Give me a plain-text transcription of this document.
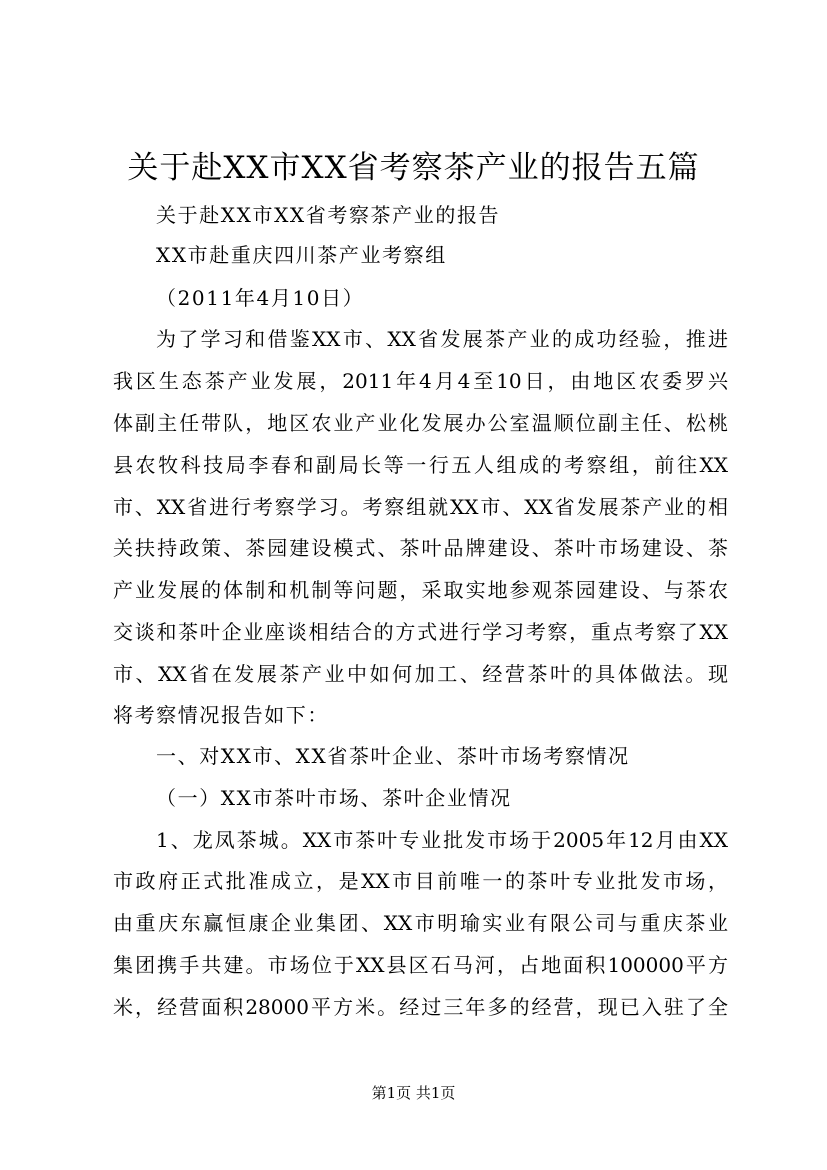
关于赴XX市XX省考察茶产业的报告五篇
关于赴XX市XX省考察茶产业的报告
XX市赴重庆四川茶产业考察组
（2011年4月10日）
为了学习和借鉴XX市、XX省发展茶产业的成功经验，推进
我区生态茶产业发展，2011年4月4至10日，由地区农委罗兴
体副主任带队，地区农业产业化发展办公室温顺位副主任、松桃
县农牧科技局李春和副局长等一行五人组成的考察组，前往XX
市、XX省进行考察学习。考察组就XX市、XX省发展茶产业的相
关扶持政策、茶园建设模式、茶叶品牌建设、茶叶市场建设、茶
产业发展的体制和机制等问题，采取实地参观茶园建设、与茶农
交谈和茶叶企业座谈相结合的方式进行学习考察，重点考察了XX
市、XX省在发展茶产业中如何加工、经营茶叶的具体做法。现
将考察情况报告如下：
一、对XX市、XX省茶叶企业、茶叶市场考察情况
（一）XX市茶叶市场、茶叶企业情况
1、龙凤茶城。XX市茶叶专业批发市场于2005年12月由XX
市政府正式批准成立，是XX市目前唯一的茶叶专业批发市场，
由重庆东赢恒康企业集团、XX市明瑜实业有限公司与重庆茶业
集团携手共建。市场位于XX县区石马河，占地面积100000平方
米，经营面积28000平方米。经过三年多的经营，现已入驻了全
第1页 共1页
